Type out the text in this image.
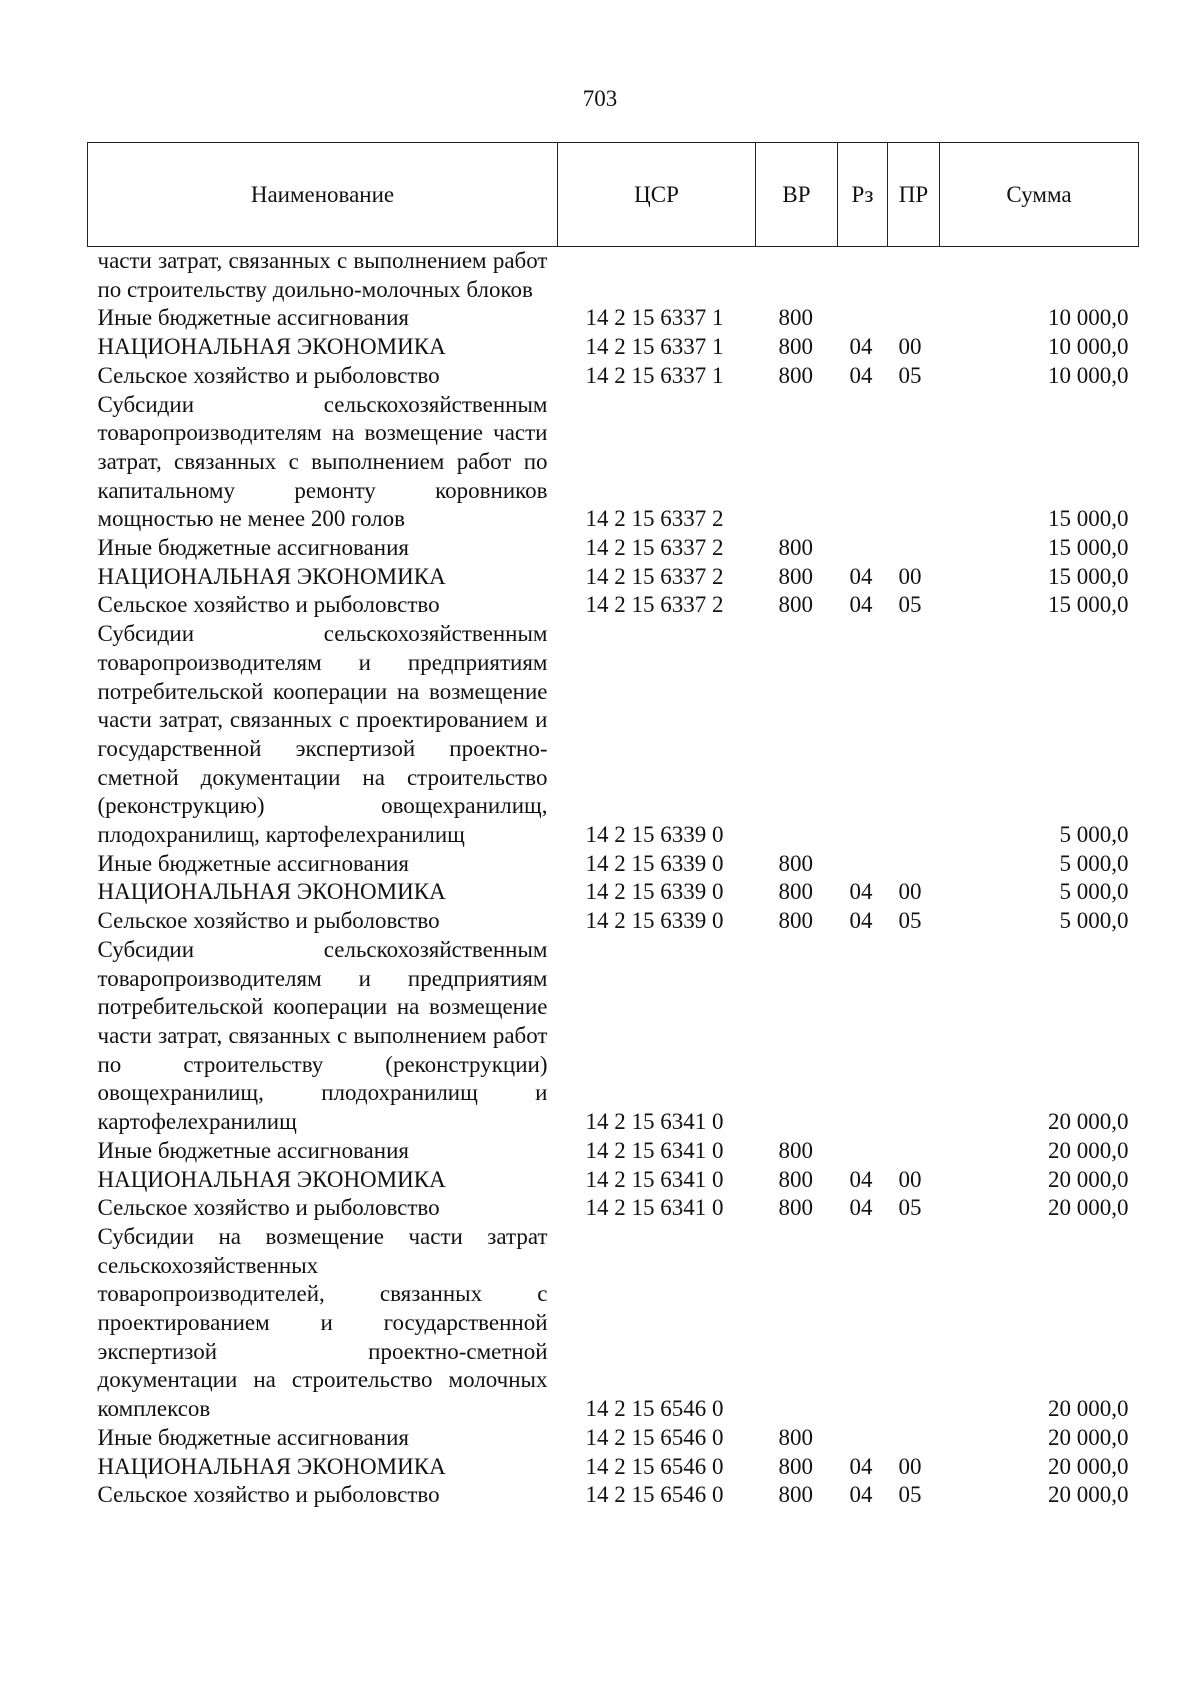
703
Наименование	ЦСР	ВР	Рз	ПР	Сумма
части затрат, связанных с выполнением работ по строительству доильно-молочных блоков					
Иные бюджетные ассигнования	14 2 15 6337 1	800			10 000,0
НАЦИОНАЛЬНАЯ ЭКОНОМИКА	14 2 15 6337 1	800	04	00	10 000,0
Сельское хозяйство и рыболовство	14 2 15 6337 1	800	04	05	10 000,0
Субсидии сельскохозяйственным товаропроизводителям на возмещение части затрат, связанных с выполнением работ по капитальному ремонту коровников мощностью не менее 200 голов	14 2 15 6337 2				15 000,0
Иные бюджетные ассигнования	14 2 15 6337 2	800			15 000,0
НАЦИОНАЛЬНАЯ ЭКОНОМИКА	14 2 15 6337 2	800	04	00	15 000,0
Сельское хозяйство и рыболовство	14 2 15 6337 2	800	04	05	15 000,0
Субсидии сельскохозяйственным товаропроизводителям и предприятиям потребительской кооперации на возмещение части затрат, связанных с проектированием и государственной экспертизой проектно-сметной документации на строительство (реконструкцию) овощехранилищ, плодохранилищ, картофелехранилищ	14 2 15 6339 0				5 000,0
Иные бюджетные ассигнования	14 2 15 6339 0	800			5 000,0
НАЦИОНАЛЬНАЯ ЭКОНОМИКА	14 2 15 6339 0	800	04	00	5 000,0
Сельское хозяйство и рыболовство	14 2 15 6339 0	800	04	05	5 000,0
Субсидии сельскохозяйственным товаропроизводителям и предприятиям потребительской кооперации на возмещение части затрат, связанных с выполнением работ по строительству (реконструкции) овощехранилищ, плодохранилищ и картофелехранилищ	14 2 15 6341 0				20 000,0
Иные бюджетные ассигнования	14 2 15 6341 0	800			20 000,0
НАЦИОНАЛЬНАЯ ЭКОНОМИКА	14 2 15 6341 0	800	04	00	20 000,0
Сельское хозяйство и рыболовство	14 2 15 6341 0	800	04	05	20 000,0
Субсидии на возмещение части затрат сельскохозяйственных товаропроизводителей, связанных с проектированием и государственной экспертизой проектно-сметной документации на строительство молочных комплексов	14 2 15 6546 0				20 000,0
Иные бюджетные ассигнования	14 2 15 6546 0	800			20 000,0
НАЦИОНАЛЬНАЯ ЭКОНОМИКА	14 2 15 6546 0	800	04	00	20 000,0
Сельское хозяйство и рыболовство	14 2 15 6546 0	800	04	05	20 000,0
